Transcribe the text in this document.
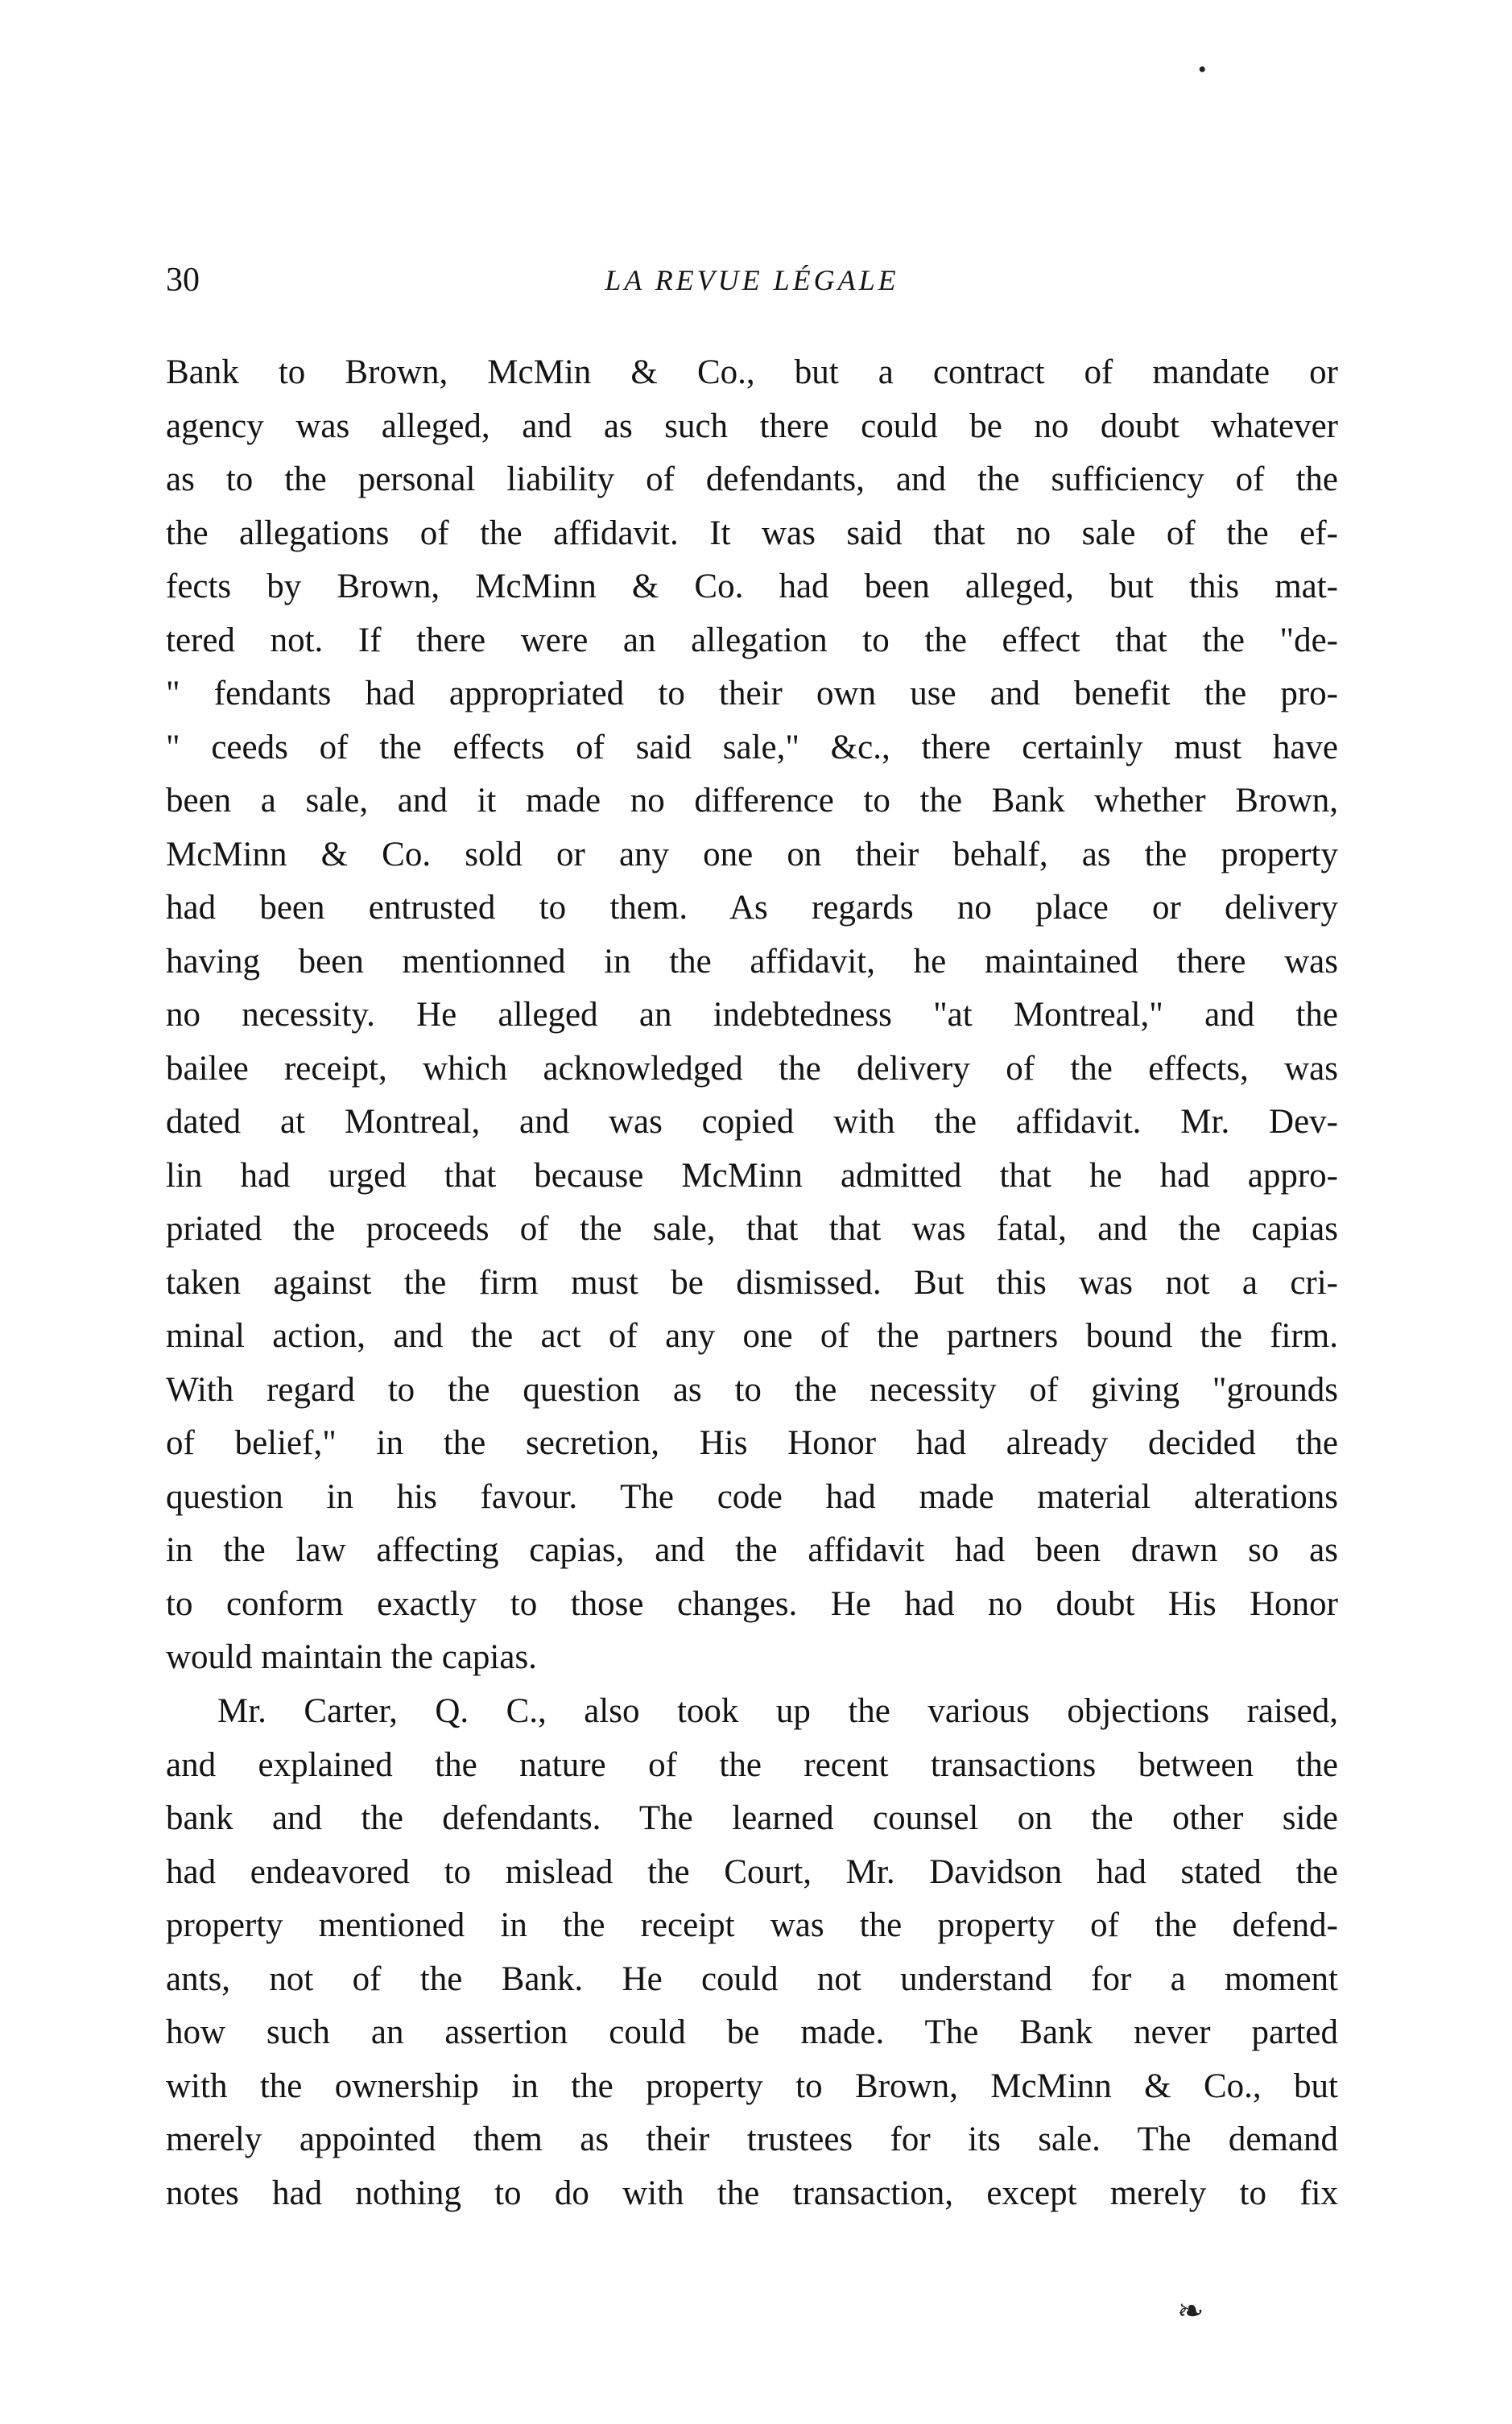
•
30	LA REVUE LÉGALE
Bank to Brown, McMin & Co., but a contract of mandate or
agency was alleged, and as such there could be no doubt whatever
as to the personal liability of defendants, and the sufficiency of the
the allegations of the affidavit. It was said that no sale of the ef-
fects by Brown, McMinn & Co. had been alleged, but this mat-
tered not. If there were an allegation to the effect that the "de-
" fendants had appropriated to their own use and benefit the pro-
" ceeds of the effects of said sale," &c., there certainly must have
been a sale, and it made no difference to the Bank whether Brown,
McMinn & Co. sold or any one on their behalf, as the property
had been entrusted to them. As regards no place or delivery
having been mentionned in the affidavit, he maintained there was
no necessity. He alleged an indebtedness "at Montreal," and the
bailee receipt, which acknowledged the delivery of the effects, was
dated at Montreal, and was copied with the affidavit. Mr. Dev-
lin had urged that because McMinn admitted that he had appro-
priated the proceeds of the sale, that that was fatal, and the capias
taken against the firm must be dismissed. But this was not a cri-
minal action, and the act of any one of the partners bound the firm.
With regard to the question as to the necessity of giving "grounds
of belief," in the secretion, His Honor had already decided the
question in his favour. The code had made material alterations
in the law affecting capias, and the affidavit had been drawn so as
to conform exactly to those changes. He had no doubt His Honor
would maintain the capias.
Mr. Carter, Q. C., also took up the various objections raised,
and explained the nature of the recent transactions between the
bank and the defendants. The learned counsel on the other side
had endeavored to mislead the Court, Mr. Davidson had stated the
property mentioned in the receipt was the property of the defend-
ants, not of the Bank. He could not understand for a moment
how such an assertion could be made. The Bank never parted
with the ownership in the property to Brown, McMinn & Co., but
merely appointed them as their trustees for its sale. The demand
notes had nothing to do with the transaction, except merely to fix
❧
